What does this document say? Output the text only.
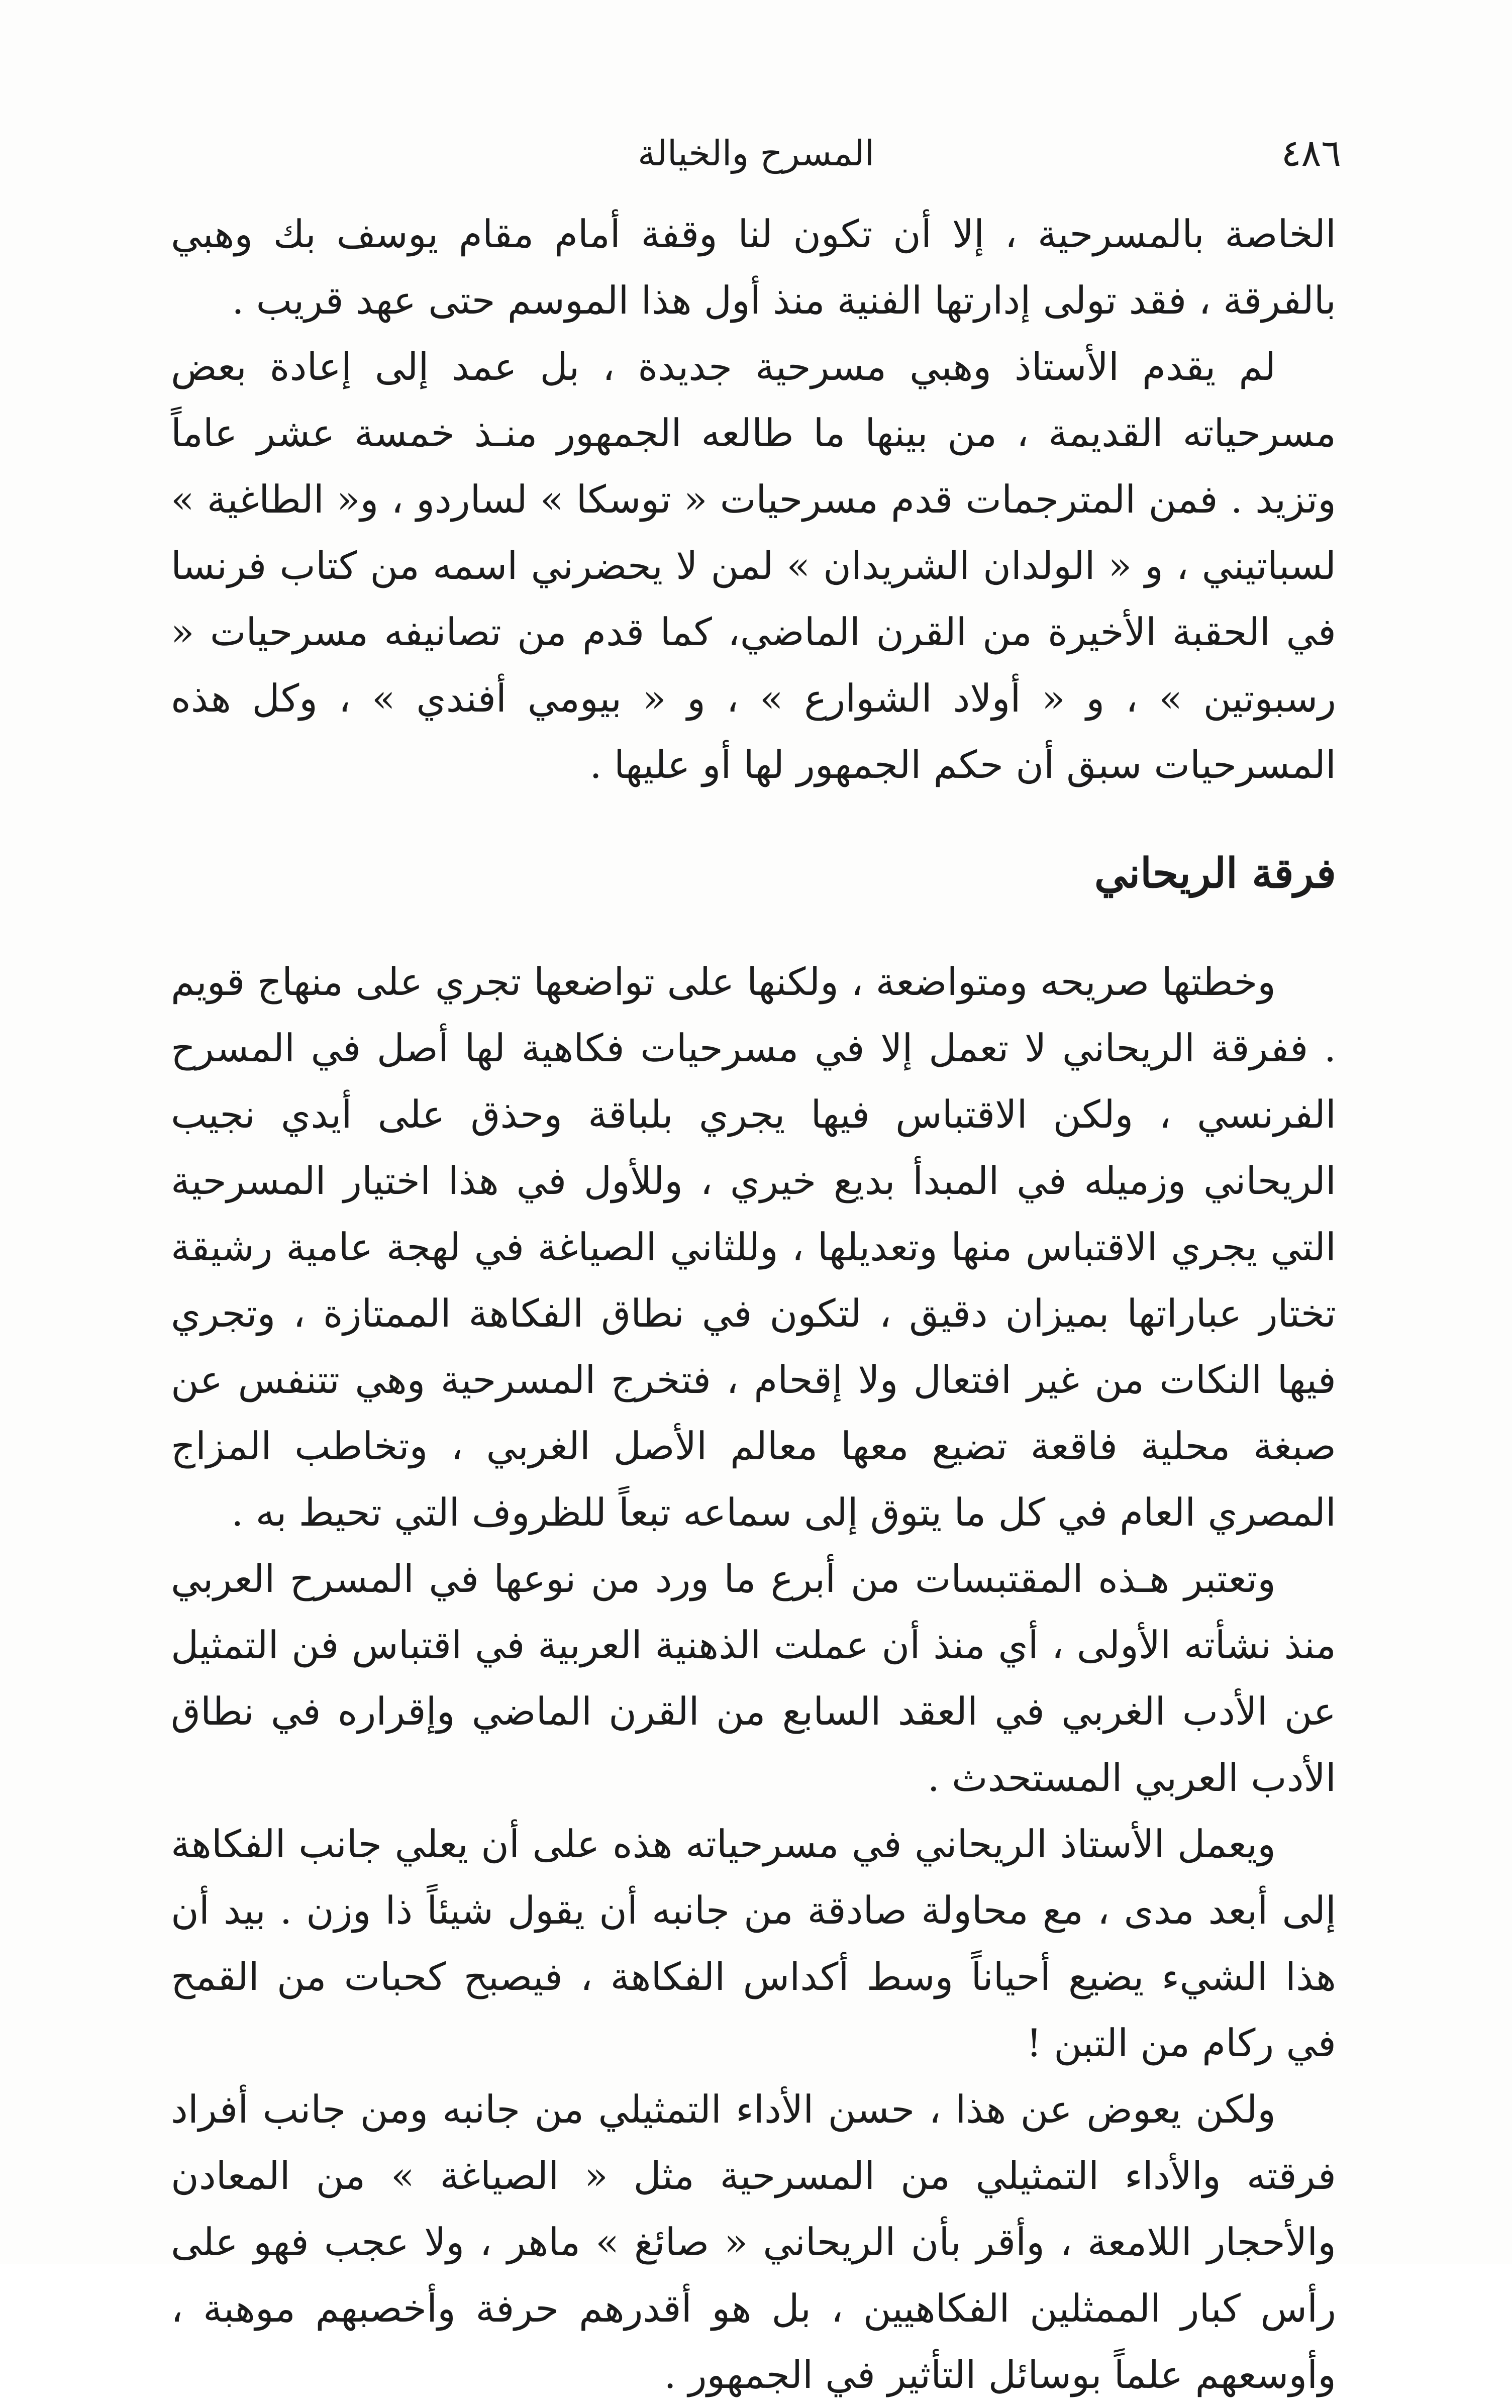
٤٨٦
المسرح والخيالة

الخاصة بالمسرحية ، إلا أن تكون لنا وقفة أمام مقام يوسف بك وهبي بالفرقة ، فقد تولى إدارتها الفنية منذ أول هذا الموسم حتى عهد قريب .

لم يقدم الأستاذ وهبي مسرحية جديدة ، بل عمد إلى إعادة بعض مسرحياته القديمة ، من بينها ما طالعه الجمهور منـذ خمسة عشر عاماً وتزيد . فمن المترجمات قدم مسرحيات « توسكا » لساردو ، و« الطاغية » لسباتيني ، و « الولدان الشريدان » لمن لا يحضرني اسمه من كتاب فرنسا في الحقبة الأخيرة من القرن الماضي، كما قدم من تصانيفه مسرحيات « رسبوتين » ، و « أولاد الشوارع » ، و « بيومي أفندي » ، وكل هذه المسرحيات سبق أن حكم الجمهور لها أو عليها .

فرقة الريحاني

وخطتها صريحه ومتواضعة ، ولكنها على تواضعها تجري على منهاج قويم . ففرقة الريحاني لا تعمل إلا في مسرحيات فكاهية لها أصل في المسرح الفرنسي ، ولكن الاقتباس فيها يجري بلباقة وحذق على أيدي نجيب الريحاني وزميله في المبدأ بديع خيري ، وللأول في هذا اختيار المسرحية التي يجري الاقتباس منها وتعديلها ، وللثاني الصياغة في لهجة عامية رشيقة تختار عباراتها بميزان دقيق ، لتكون في نطاق الفكاهة الممتازة ، وتجري فيها النكات من غير افتعال ولا إقحام ، فتخرج المسرحية وهي تتنفس عن صبغة محلية فاقعة تضيع معها معالم الأصل الغربي ، وتخاطب المزاج المصري العام في كل ما يتوق إلى سماعه تبعاً للظروف التي تحيط به .

وتعتبر هـذه المقتبسات من أبرع ما ورد من نوعها في المسرح العربي منذ نشأته الأولى ، أي منذ أن عملت الذهنية العربية في اقتباس فن التمثيل عن الأدب الغربي في العقد السابع من القرن الماضي وإقراره في نطاق الأدب العربي المستحدث .

ويعمل الأستاذ الريحاني في مسرحياته هذه على أن يعلي جانب الفكاهة إلى أبعد مدى ، مع محاولة صادقة من جانبه أن يقول شيئاً ذا وزن . بيد أن هذا الشيء يضيع أحياناً وسط أكداس الفكاهة ، فيصبح كحبات من القمح في ركام من التبن !

ولكن يعوض عن هذا ، حسن الأداء التمثيلي من جانبه ومن جانب أفراد فرقته والأداء التمثيلي من المسرحية مثل « الصياغة » من المعادن والأحجار اللامعة ، وأقر بأن الريحاني « صائغ » ماهر ، ولا عجب فهو على رأس كبار الممثلين الفكاهيين ، بل هو أقدرهم حرفة وأخصبهم موهبة ، وأوسعهم علماً بوسائل التأثير في الجمهور .
